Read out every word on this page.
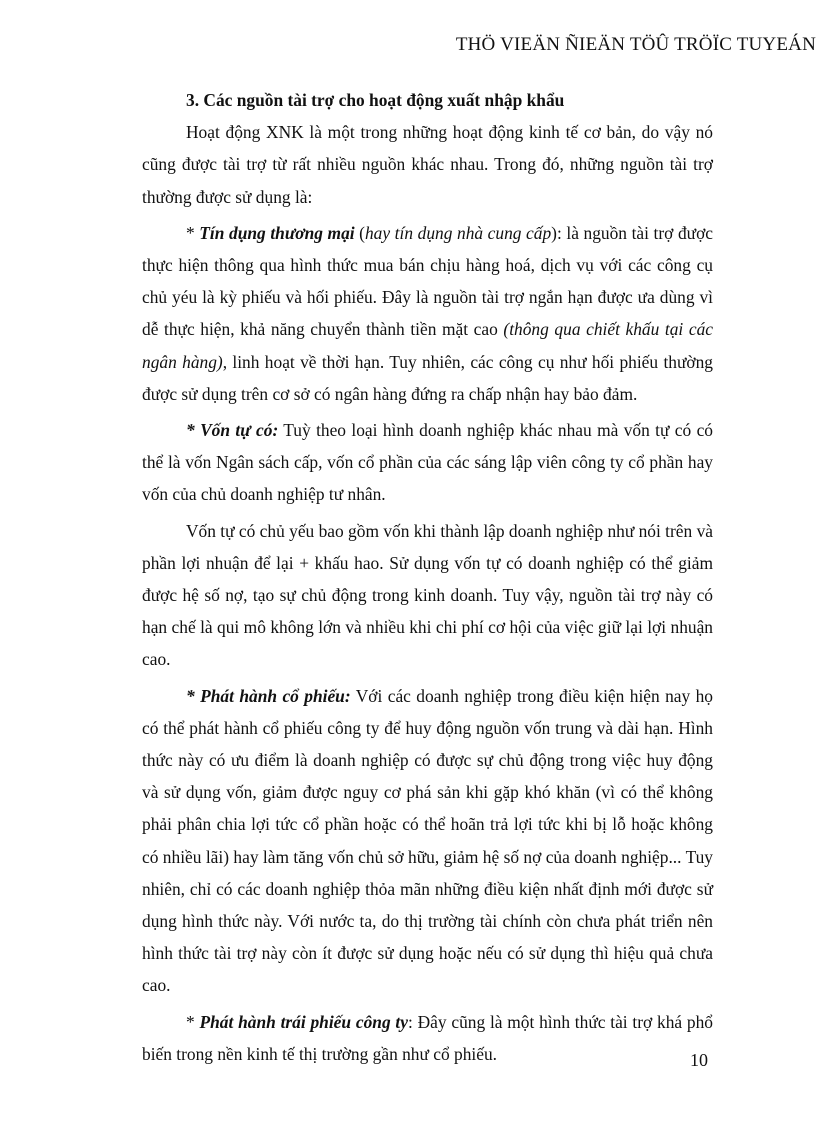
THÖ VIEÄN ÑIEÄN TÖÛ TRÖÏC TUYEÁN

3. Các nguồn tài trợ cho hoạt động xuất nhập khẩu

Hoạt động XNK là một trong những hoạt động kinh tế cơ bản, do vậy nó cũng được tài trợ từ rất nhiều nguồn khác nhau. Trong đó, những nguồn tài trợ thường được sử dụng là:

* Tín dụng thương mại (hay tín dụng nhà cung cấp): là nguồn tài trợ được thực hiện thông qua hình thức mua bán chịu hàng hoá, dịch vụ với các công cụ chủ yéu là kỳ phiếu và hối phiếu. Đây là nguồn tài trợ ngắn hạn được ưa dùng vì dễ thực hiện, khả năng chuyển thành tiền mặt cao (thông qua chiết khấu tại các ngân hàng), linh hoạt về thời hạn. Tuy nhiên, các công cụ như hối phiếu thường được sử dụng trên cơ sở có ngân hàng đứng ra chấp nhận hay bảo đảm.

* Vốn tự có: Tuỳ theo loại hình doanh nghiệp khác nhau mà vốn tự có có thể là vốn Ngân sách cấp, vốn cổ phần của các sáng lập viên công ty cổ phần hay vốn của chủ doanh nghiệp tư nhân.

Vốn tự có chủ yếu bao gồm vốn khi thành lập doanh nghiệp như nói trên và phần lợi nhuận để lại + khấu hao. Sử dụng vốn tự có doanh nghiệp có thể giảm được hệ số nợ, tạo sự chủ động trong kinh doanh. Tuy vậy, nguồn tài trợ này có hạn chế là qui mô không lớn và nhiều khi chi phí cơ hội của việc giữ lại lợi nhuận cao.

* Phát hành cổ phiếu: Với các doanh nghiệp trong điều kiện hiện nay họ có thể phát hành cổ phiếu công ty để huy động nguồn vốn trung và dài hạn. Hình thức này có ưu điểm là doanh nghiệp có được sự chủ động trong việc huy động và sử dụng vốn, giảm được nguy cơ phá sản khi gặp khó khăn (vì có thể không phải phân chia lợi tức cổ phần hoặc có thể hoãn trả lợi tức khi bị lỗ hoặc không có nhiều lãi) hay làm tăng vốn chủ sở hữu, giảm hệ số nợ của doanh nghiệp... Tuy nhiên, chỉ có các doanh nghiệp thỏa mãn những điều kiện nhất định mới được sử dụng hình thức này. Với nước ta, do thị trường tài chính còn chưa phát triển nên hình thức tài trợ này còn ít được sử dụng hoặc nếu có sử dụng thì hiệu quả chưa cao.

* Phát hành trái phiếu công ty: Đây cũng là một hình thức tài trợ khá phổ biến trong nền kinh tế thị trường gần như cổ phiếu.	10
